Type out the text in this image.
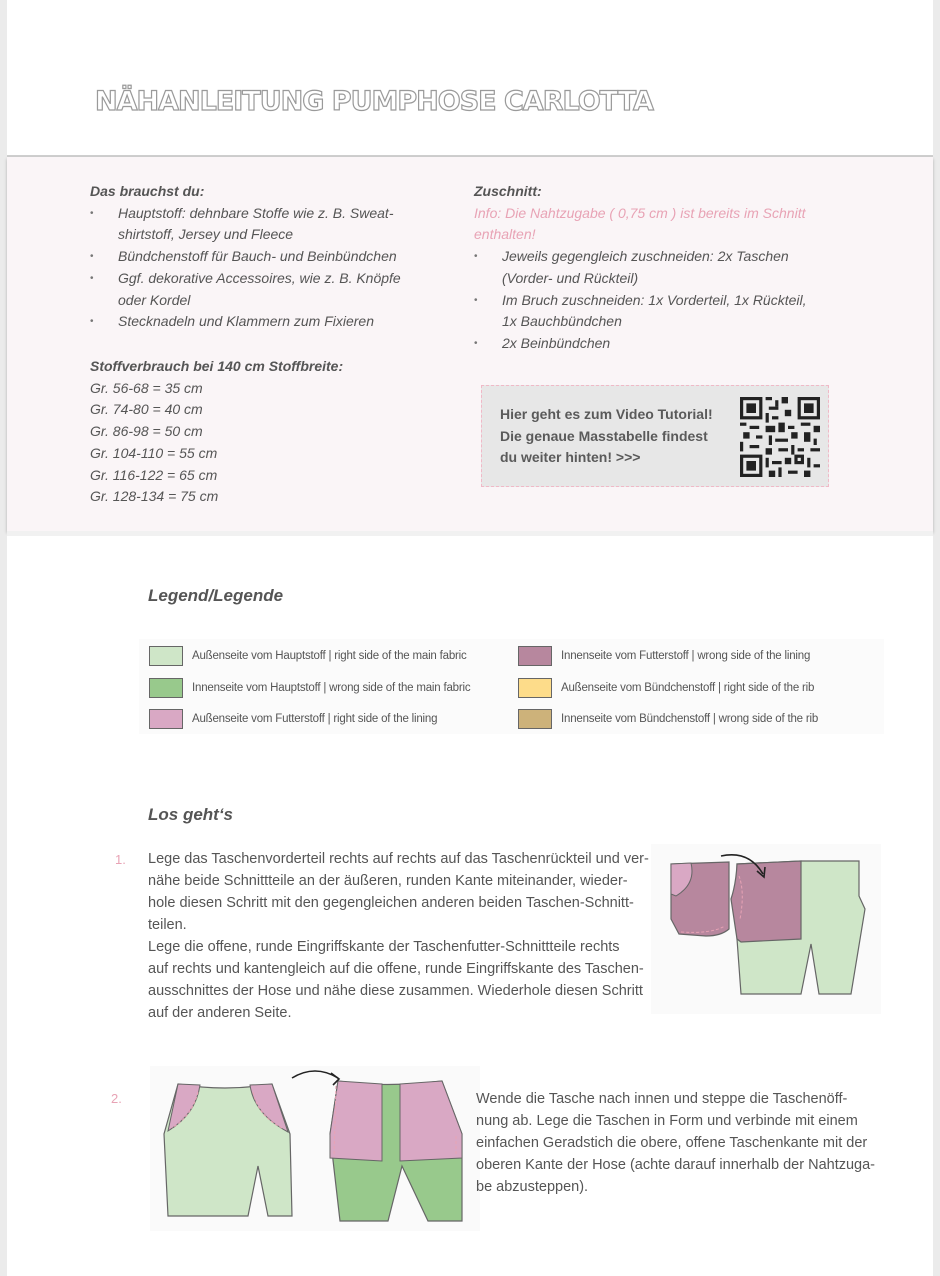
NÄHANLEITUNG PUMPHOSE CARLOTTA
Das brauchst du:
• Hauptstoff: dehnbare Stoffe wie z. B. Sweat- shirtstoff, Jersey und Fleece
• Bündchenstoff für Bauch- und Beinbündchen
• Ggf. dekorative Accessoires, wie z. B. Knöpfe oder Kordel
• Stecknadeln und Klammern zum Fixieren
Stoffverbrauch bei 140 cm Stoffbreite:
Gr. 56-68 = 35 cm
Gr. 74-80 = 40 cm
Gr. 86-98 = 50 cm
Gr. 104-110 = 55 cm
Gr. 116-122 = 65 cm
Gr. 128-134 = 75 cm
Zuschnitt:
Info: Die Nahtzugabe ( 0,75 cm ) ist bereits im Schnitt enthalten!
• Jeweils gegengleich zuschneiden: 2x Taschen (Vorder- und Rückteil)
• Im Bruch zuschneiden: 1x Vorderteil, 1x Rückteil, 1x Bauchbündchen
• 2x Beinbündchen
Hier geht es zum Video Tutorial!
Die genaue Masstabelle findest
du weiter hinten! >>>
Legend/Legende
Außenseite vom Hauptstoff | right side of the main fabric
Innenseite vom Hauptstoff | wrong side of the main fabric
Außenseite vom Futterstoff | right side of the lining
Innenseite vom Futterstoff | wrong side of the lining
Außenseite vom Bündchenstoff | right side of the rib
Innenseite vom Bündchenstoff | wrong side of the rib
Los geht‘s
1. Lege das Taschenvorderteil rechts auf rechts auf das Taschenrückteil und ver-
nähe beide Schnittteile an der äußeren, runden Kante miteinander, wieder-
hole diesen Schritt mit den gegengleichen anderen beiden Taschen-Schnitt-
teilen.
Lege die offene, runde Eingriffskante der Taschenfutter-Schnittteile rechts
auf rechts und kantengleich auf die offene, runde Eingriffskante des Taschen-
ausschnittes der Hose und nähe diese zusammen. Wiederhole diesen Schritt
auf der anderen Seite.
2.	Wende die Tasche nach innen und steppe die Taschenöff-
nung ab. Lege die Taschen in Form und verbinde mit einem
einfachen Geradstich die obere, offene Taschenkante mit der
oberen Kante der Hose (achte darauf innerhalb der Nahtzuga-
be abzusteppen).
